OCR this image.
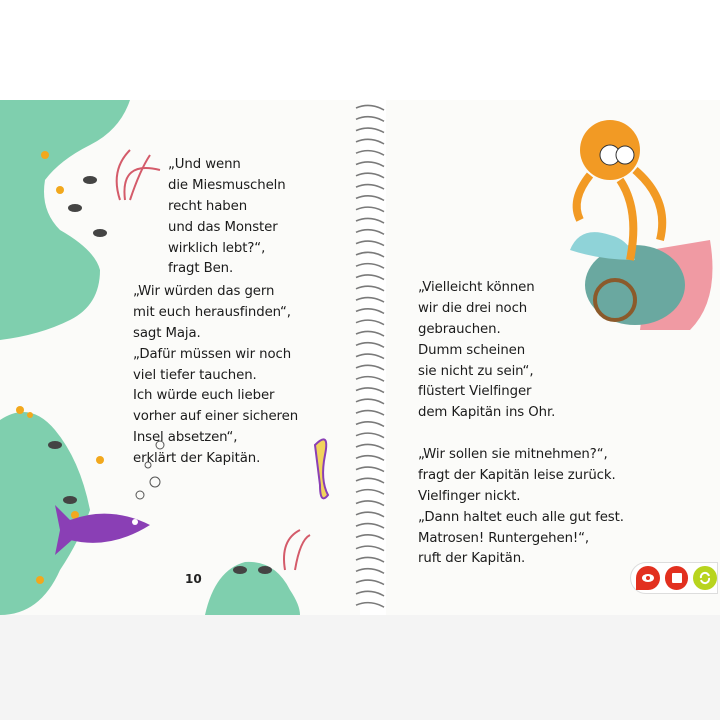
„Und wenn
die Miesmuscheln
recht haben
und das Monster
wirklich lebt?“,
fragt Ben.
„Wir würden das gern
mit euch herausfinden“,
sagt Maja.
„Dafür müssen wir noch
viel tiefer tauchen.
Ich würde euch lieber
vorher auf einer sicheren
Insel absetzen“,
erklärt der Kapitän.
10
„Vielleicht können
wir die drei noch
gebrauchen.
Dumm scheinen
sie nicht zu sein“,
flüstert Vielfinger
dem Kapitän ins Ohr.
„Wir sollen sie mitnehmen?“,
fragt der Kapitän leise zurück.
Vielfinger nickt.
„Dann haltet euch alle gut fest.
Matrosen! Runtergehen!“,
ruft der Kapitän.
